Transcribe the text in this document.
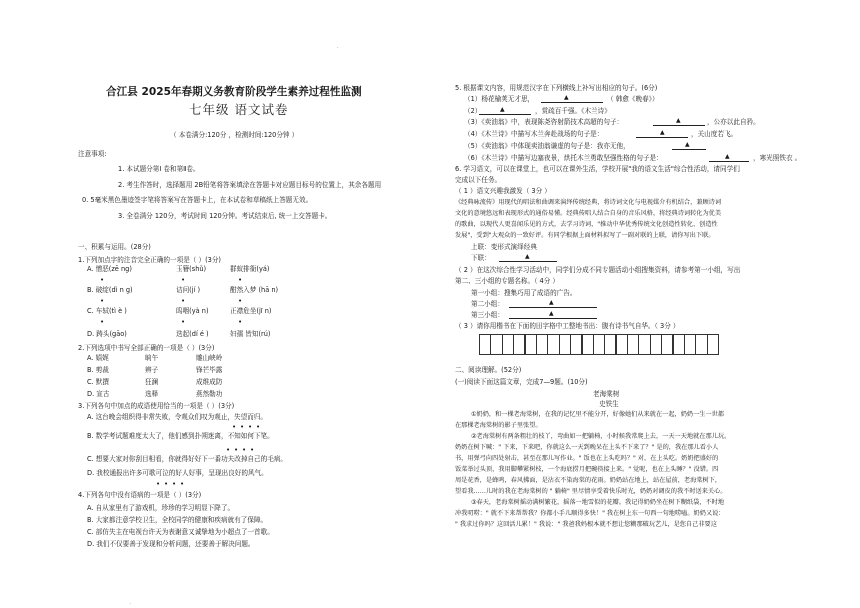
合江县 2025年春期义务教育阶段学生素养过程性监测
七年级 语文试卷
（ 本卷满分:120分 ，检测时间:120分钟 ）
注意事项:
1. 本试题分第Ⅰ 卷和第Ⅱ卷。
2. 考生作答时，选择题用 2B铅笔将答案填涂在答题卡对应题目标号的位置上，其余各题用
0. 5毫米黑色墨迹签字笔将答案写在答题卡上，在本试卷和草稿纸上答题无效。
3. 全卷满分 120分，考试时间 120分钟。考试结束后, 统一上交答题卡。
一、积累与运用。(28分)
1.下列加点字的注音完全正确的一项是（ ）(3分)
A. 憎恶(zē ng)	玉簪(shǔ)	群蚁排衙(yá)
•	•	•
B. 破绽(dì n g)	诘问(jí )	酣然入梦 (hā n)
•	•	•
C. 车轼(tì è )	呜咽(yà n)	正襟危坐(jī n)
•	•	•
D. 踌头(gāo)	迭起(dí é )	妇孺 皆知(rú)
2.下列选项中书写全部正确的一项是（ ）(3分)
A. 嬉娓	晌午	雕山峡岭
B. 剪裁	辨子	锋芒毕露
C. 默撰	狂澜	成维成防
D. 宣古	选释	燕然勒功
3.下列各句中加点的成语使用恰当的一项是（ ）(3分)
A. 这台晚会组织得非常失败，令观众们叹为观止，失望而归。
• • • •
B. 数学考试题难度太大了，他们感到扑朔迷离，不知如何下笔。
• • • •
C. 想要大家对你刮目相看，你就得好好下一番功夫改掉自己的毛病。
D. 我校通报出许多可歌可泣的好人好事，呈现出良好的风气。
• • • •
4.下列各句中没有语病的一项是（ ）(3分)
A. 自从家里有了游戏机，珍珍的学习明显下降了。
B. 大家都注意学校卫生，全校同学的健康和疾病就有了保障。
C. 部仿失主在电视台许天为表谢意又诚挚地为小超点了一首歌。
D. 我们不仅要善于发现和分析问题，还要善于解决问题。
5. 根据课文内容，用规范汉字在下列横线上补写出相应的句子。(6分)
（1）杨花榆荚无才思，	▲	（ 韩愈《晚春》）
（2）	▲	，赏疏百千强。《木兰诗》
（3）《卖油翁》中，表现陈尧咨射箭技术高超的句子：	▲	，公亦以此自矜。
（4）《木兰诗》中描写木兰奔赴战场的句子是：	▲	，关山度若飞。
（5）《卖油翁》中体现卖油翁谦虚的句子是：我亦无他，	▲
（6）《木兰诗》中描写边塞夜景，烘托木兰勇敢坚强性格的句子是：	▲	，寒光照铁衣 。
6. 学习语文，可以在课堂上，也可以在课外生活，学校开展"我的语文生活"综合性活动，请同学们
完成以下任务。
（ 1 ）语文兴趣我激发（ 3分 ）
《经典咏流传》用现代的唱法和曲调来演绎传统经典，将诗词文化与电视媒介有机结合，兼顾诗词
文化的意境悠远和表现形式的通俗易懂。经典传唱人结合自身的音乐风格，将经典诗词转化为优美
的歌曲，以现代人更喜闻乐见的方式，去学习诗词，"推动中华优秀传统文化创造性转化、创造性
发展"，受到"大观众的一致好评。有同学根据上面材料拟写了一副对联的上联，请你写出下联。
上联：变形式演绎经典
下联：	▲
（ 2 ）在这次综合性学习活动中，同学们分成不同专题活动小组搜集资料，请参考第一小组，写出
第二、三小组的专题名称。（ 4分 ）
第一小组：搜集巧用了成语的广告。
第二小组：	▲
第三小组：	▲
（ 3 ）请你用楷书在下面的田字格中工整地书出：腹有诗书气自华。（ 3分 ）
二、阅读理解。(52分)
(一)阅读下面这篇文章，完成7—9题。(10分)
老海棠树
史铁生
①奶奶，和一棵老海棠树，在我的记忆里不能分开，好像她们从来就在一起，奶奶一生一世都
在那棵老海棠树的影子里张望。
②老海棠树有两条粗壮的枝丫，弯曲如一把躺椅，小时候我常爬上去，一天一天地就在那儿玩。
奶奶在树下喊：" 下来，下来吧，你就这么一天到晚呆在上头不下来了？" 是的，我在那儿看小人
书，用弹弓向四处射击，甚至在那儿写作业。" 饭也在上头吃吗？" 对，在上头吃。奶奶把盛好的
饭菜举过头顶，我用脚攀紧树枝，一个海底捞月把碗筷接上来。" 觉呢，也在上头睡？" 没错。四
周是花香，是蜂鸣，春风拂面，是沾衣不染海棠的花雨。奶奶站在地上，站在屋前，老海棠树下，
望看我……儿时的我在老海棠树的 " 躺椅" 里尽情享受着快乐时光，奶奶对调皮的我不时送来关心。
③春天，老海棠树摇动满树繁花，摇落一地雪似的花瓣。我记得奶奶坐在树下糊纸袋，不时地
冲我叨唠：" 就不下来帮帮我？你都小手儿顺得多快！" 我在树上东一句西一句地唠嗑。奶奶又说：
" 我求过你吗？这回活儿累！" 我说：" 我爸我妈根本就不想让您糊那破玩艺儿，是您自己非要这
.
.
